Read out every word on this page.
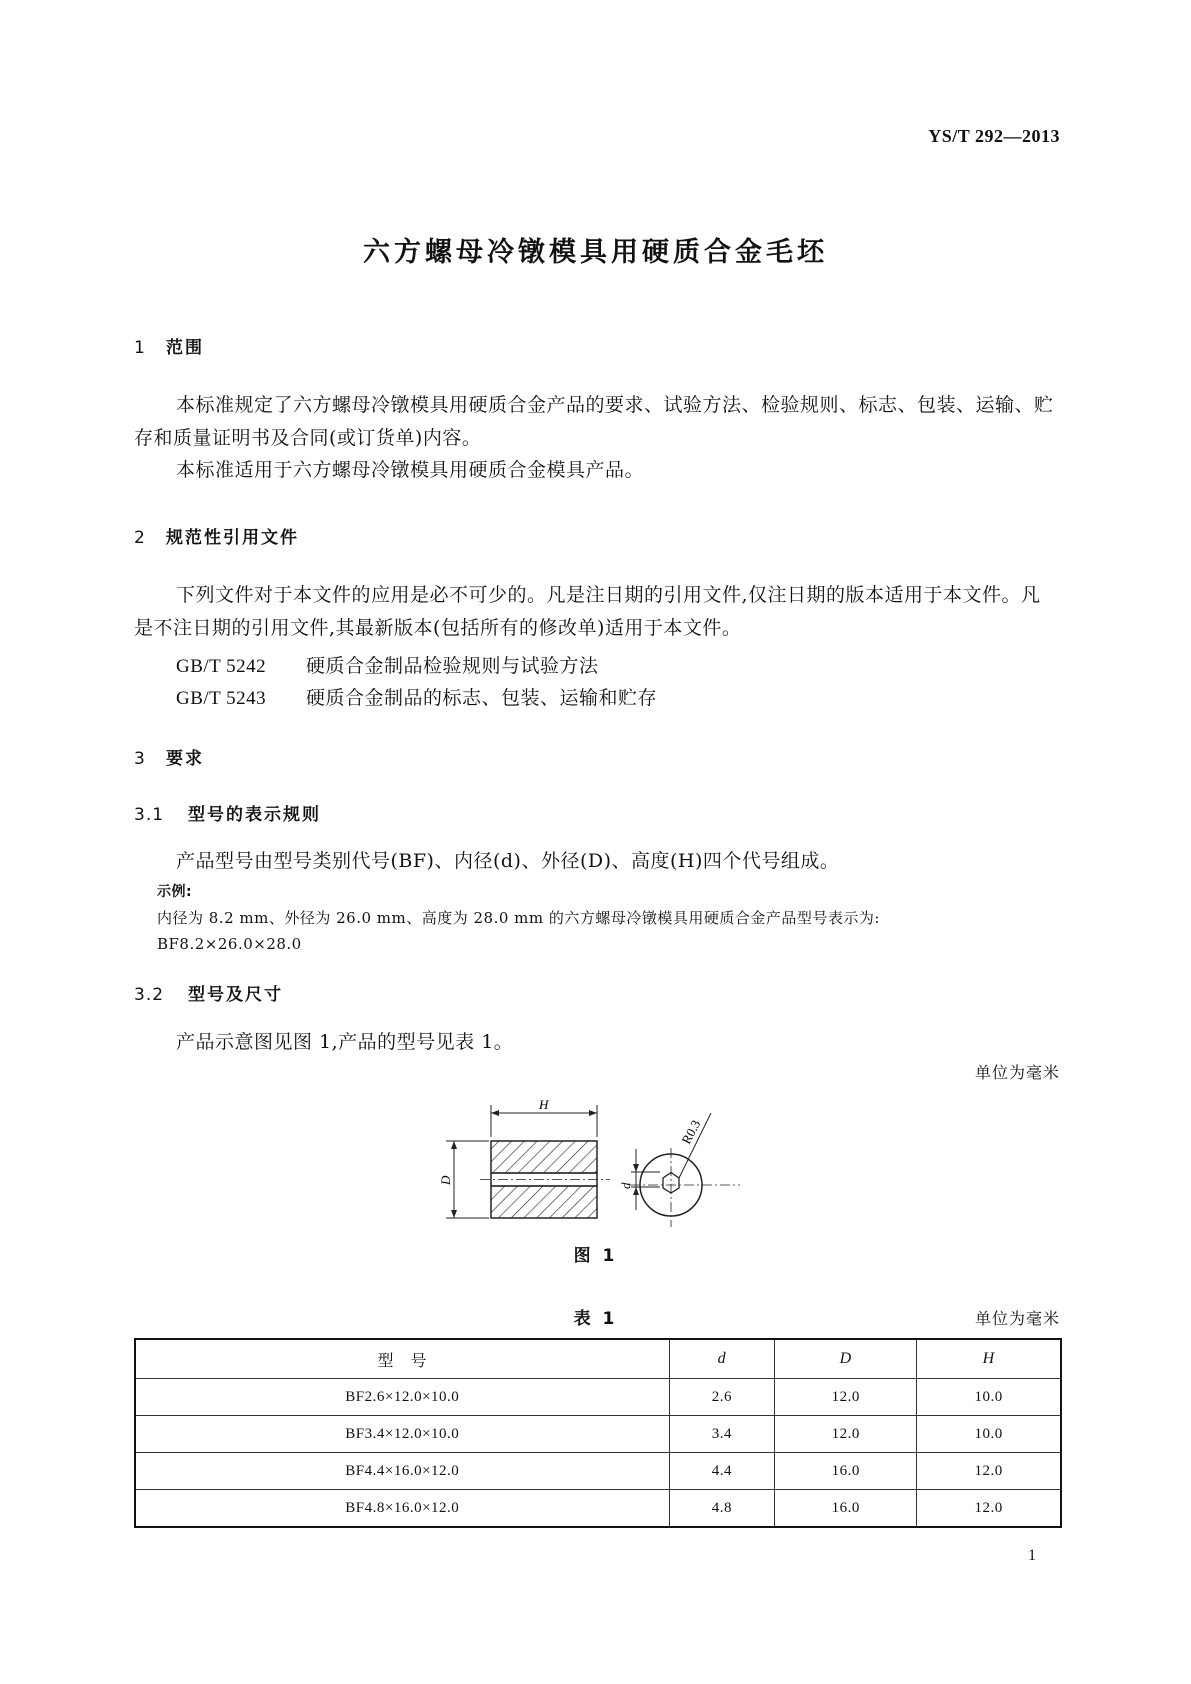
YS/T 292—2013
六方螺母冷镦模具用硬质合金毛坯
1 范围
本标准规定了六方螺母冷镦模具用硬质合金产品的要求、试验方法、检验规则、标志、包装、运输、贮存和质量证明书及合同(或订货单)内容。
本标准适用于六方螺母冷镦模具用硬质合金模具产品。
2 规范性引用文件
下列文件对于本文件的应用是必不可少的。凡是注日期的引用文件,仅注日期的版本适用于本文件。凡是不注日期的引用文件,其最新版本(包括所有的修改单)适用于本文件。
GB/T 5242 硬质合金制品检验规则与试验方法
GB/T 5243 硬质合金制品的标志、包装、运输和贮存
3 要求
3.1 型号的表示规则
产品型号由型号类别代号(BF)、内径(d)、外径(D)、高度(H)四个代号组成。
示例:
内径为 8.2 mm、外径为 26.0 mm、高度为 28.0 mm 的六方螺母冷镦模具用硬质合金产品型号表示为:
BF8.2×26.0×28.0
3.2 型号及尺寸
产品示意图见图 1,产品的型号见表 1。
单位为毫米
H
D
d
R0.3
图 1
表 1	单位为毫米
型　号	d	D	H
BF2.6×12.0×10.0	2.6	12.0	10.0
BF3.4×12.0×10.0	3.4	12.0	10.0
BF4.4×16.0×12.0	4.4	16.0	12.0
BF4.8×16.0×12.0	4.8	16.0	12.0
1
